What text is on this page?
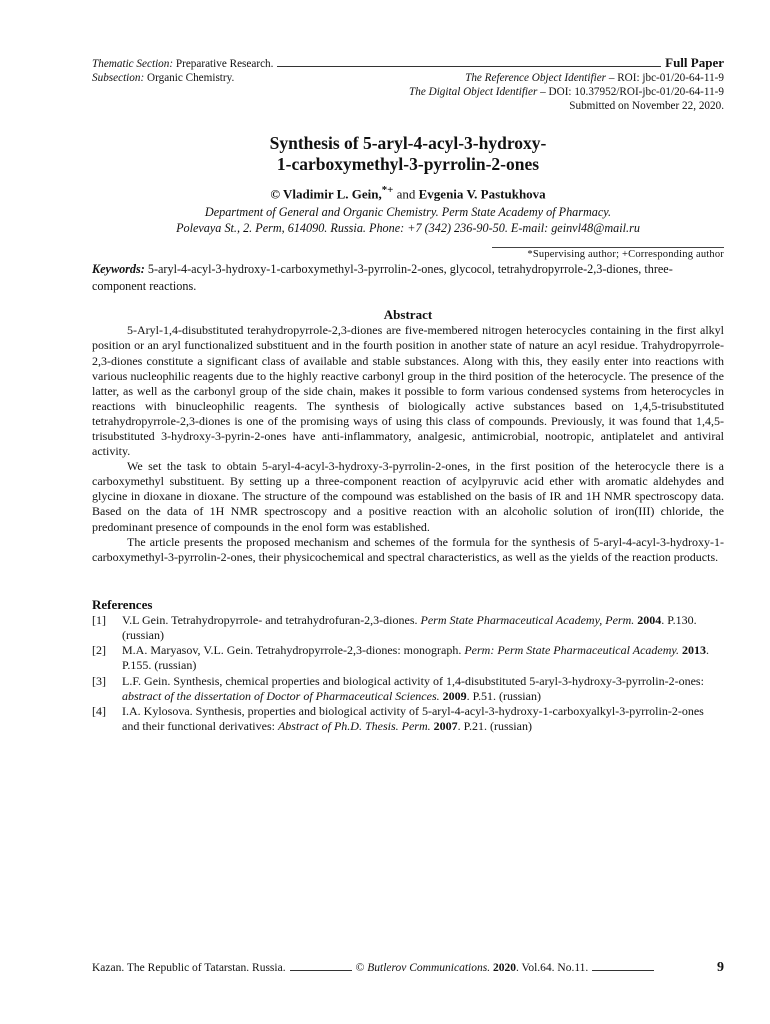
Thematic Section: Preparative Research.	Full Paper
Subsection: Organic Chemistry.	The Reference Object Identifier – ROI: jbc-01/20-64-11-9
The Digital Object Identifier – DOI: 10.37952/ROI-jbc-01/20-64-11-9
Submitted on November 22, 2020.
Synthesis of 5-aryl-4-acyl-3-hydroxy-
1-carboxymethyl-3-pyrrolin-2-ones
© Vladimir L. Gein,*+ and Evgenia V. Pastukhova
Department of General and Organic Chemistry. Perm State Academy of Pharmacy.
Polevaya St., 2. Perm, 614090. Russia. Phone: +7 (342) 236-90-50. E-mail: geinvl48@mail.ru
*Supervising author; +Corresponding author
Keywords: 5-aryl-4-acyl-3-hydroxy-1-carboxymethyl-3-pyrrolin-2-ones, glycocol, tetrahydropyrrole-2,3-diones, three-component reactions.
Abstract

5-Aryl-1,4-disubstituted terahydropyrrole-2,3-diones are five-membered nitrogen heterocycles containing in the first alkyl position or an aryl functionalized substituent and in the fourth position in another state of nature an acyl residue. Trahydropyrrole-2,3-diones constitute a significant class of available and stable substances. Along with this, they easily enter into reactions with various nucleophilic reagents due to the highly reactive carbonyl group in the third position of the heterocycle. The presence of the latter, as well as the carbonyl group of the side chain, makes it possible to form various condensed systems from heterocycles in reactions with binucleophilic reagents. The synthesis of biologically active substances based on 1,4,5-trisubstituted tetrahydropyrrole-2,3-diones is one of the promising ways of using this class of compounds. Previously, it was found that 1,4,5-trisubstituted 3-hydroxy-3-pyrin-2-ones have anti-inflammatory, analgesic, antimicrobial, nootropic, antiplatelet and antiviral activity.

We set the task to obtain 5-aryl-4-acyl-3-hydroxy-3-pyrrolin-2-ones, in the first position of the heterocycle there is a carboxymethyl substituent. By setting up a three-component reaction of acylpyruvic acid ether with aromatic aldehydes and glycine in dioxane in dioxane. The structure of the compound was established on the basis of IR and 1H NMR spectroscopy data. Based on the data of 1H NMR spectroscopy and a positive reaction with an alcoholic solution of iron(III) chloride, the predominant presence of compounds in the enol form was established.

The article presents the proposed mechanism and schemes of the formula for the synthesis of 5-aryl-4-acyl-3-hydroxy-1-carboxymethyl-3-pyrrolin-2-ones, their physicochemical and spectral characteristics, as well as the yields of the reaction products.

References
[1]	V.L Gein. Tetrahydropyrrole- and tetrahydrofuran-2,3-diones. Perm State Pharmaceutical Academy, Perm. 2004. P.130. (russian)
[2]	M.A. Maryasov, V.L. Gein. Tetrahydropyrrole-2,3-diones: monograph. Perm: Perm State Pharmaceutical Academy. 2013. P.155. (russian)
[3]	L.F. Gein. Synthesis, chemical properties and biological activity of 1,4-disubstituted 5-aryl-3-hydroxy-3-pyrrolin-2-ones: abstract of the dissertation of Doctor of Pharmaceutical Sciences. 2009. P.51. (russian)
[4]	I.A. Kylosova. Synthesis, properties and biological activity of 5-aryl-4-acyl-3-hydroxy-1-carboxyalkyl-3-pyrrolin-2-ones and their functional derivatives: Abstract of Ph.D. Thesis. Perm. 2007. P.21. (russian)
Kazan. The Republic of Tatarstan. Russia.	©
Butlerov Communications.
2020 . Vol.64. No.11.	9
